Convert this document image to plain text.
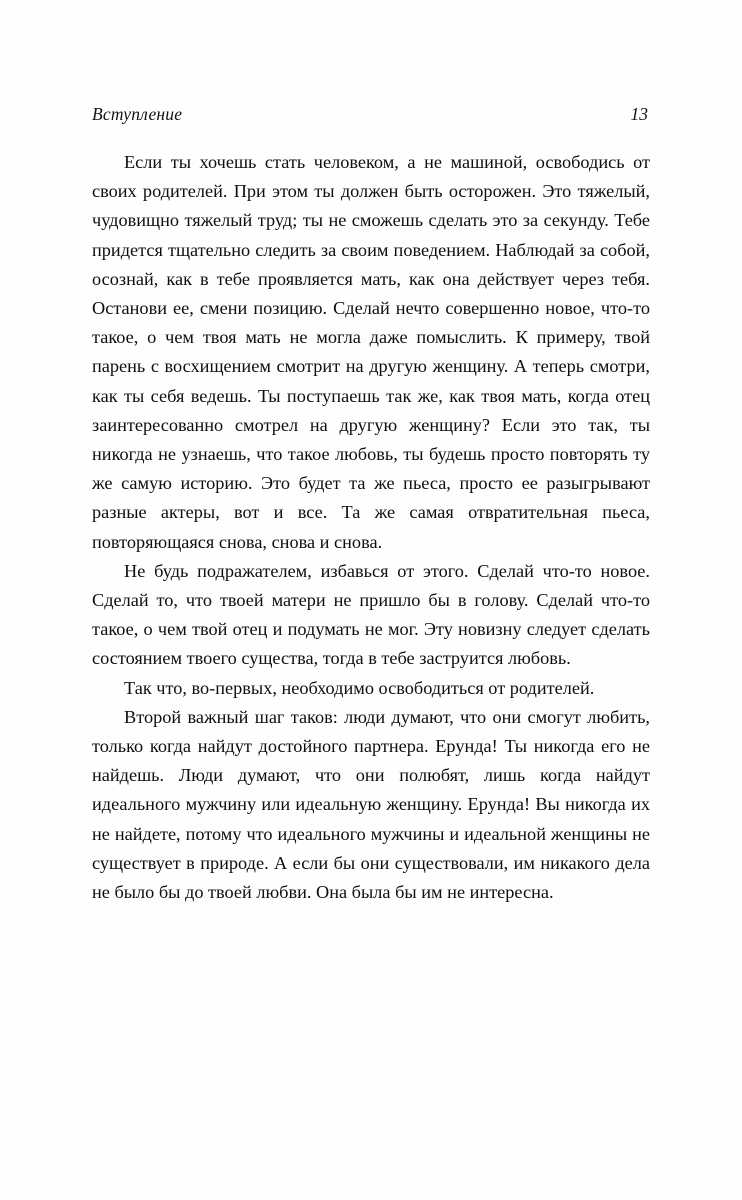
Вступление	13

Если ты хочешь стать человеком, а не машиной, освободись от своих родителей. При этом ты должен быть осторожен. Это тяжелый, чудовищно тяжелый труд; ты не сможешь сделать это за секунду. Тебе придется тщательно следить за своим поведением. Наблюдай за собой, осознай, как в тебе проявляется мать, как она действует через тебя. Останови ее, смени позицию. Сделай нечто совершенно новое, что-то такое, о чем твоя мать не могла даже помыслить. К примеру, твой парень с восхищением смотрит на другую женщину. А теперь смотри, как ты себя ведешь. Ты поступаешь так же, как твоя мать, когда отец заинтересованно смотрел на другую женщину? Если это так, ты никогда не узнаешь, что такое любовь, ты будешь просто повторять ту же самую историю. Это будет та же пьеса, просто ее разыгрывают разные актеры, вот и все. Та же самая отвратительная пьеса, повторяющаяся снова, снова и снова.

Не будь подражателем, избавься от этого. Сделай что-то новое. Сделай то, что твоей матери не пришло бы в голову. Сделай что-то такое, о чем твой отец и подумать не мог. Эту новизну следует сделать состоянием твоего существа, тогда в тебе заструится любовь.

Так что, во-первых, необходимо освободиться от родителей.

Второй важный шаг таков: люди думают, что они смогут любить, только когда найдут достойного партнера. Ерунда! Ты никогда его не найдешь. Люди думают, что они полюбят, лишь когда найдут идеального мужчину или идеальную женщину. Ерунда! Вы никогда их не найдете, потому что идеального мужчины и идеальной женщины не существует в природе. А если бы они существовали, им никакого дела не было бы до твоей любви. Она была бы им не интересна.
